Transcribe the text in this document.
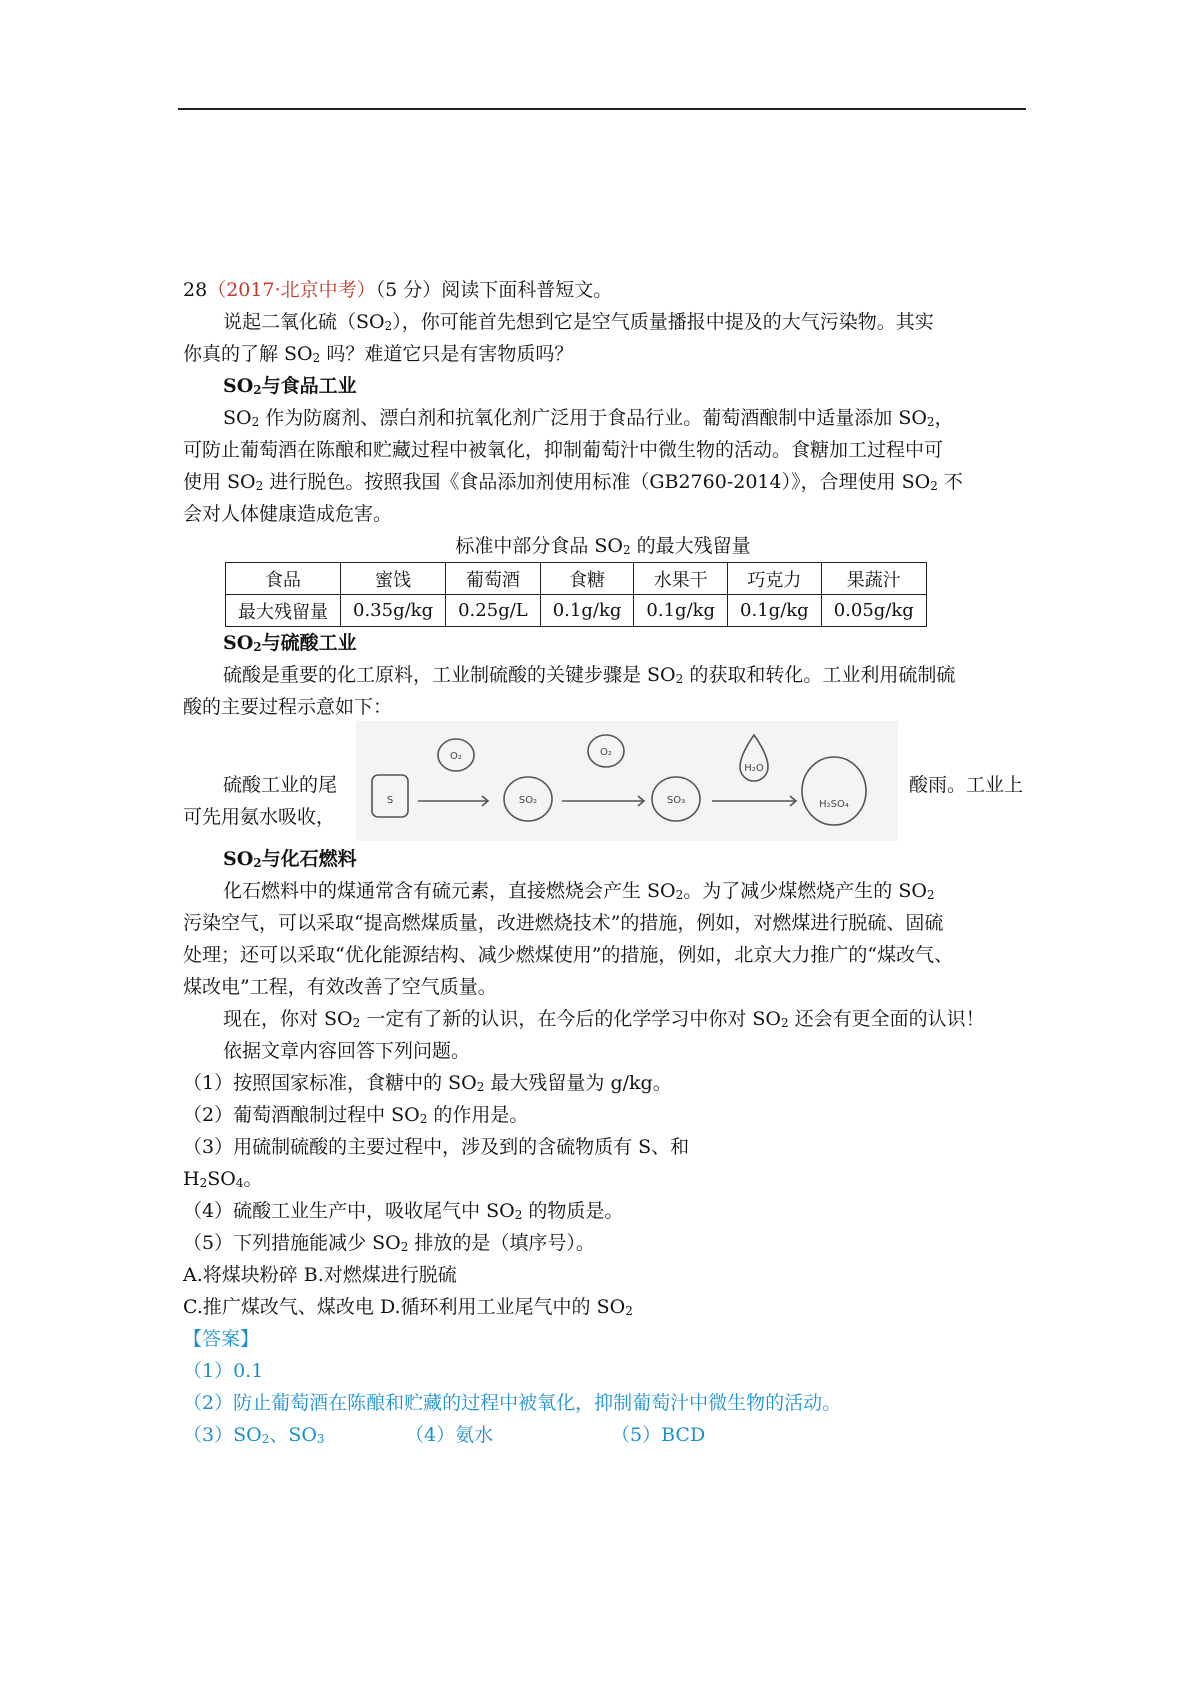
28（2017·北京中考）（5 分）阅读下面科普短文。
说起二氧化硫$(SO_2)$，你可能首先想到它是空气质量播报中提及的大气污染物。其实
你真的了解 $SO_2$ 吗？难道它只是有害物质吗？
$SO_2$与食品工业
$SO_2$ 作为防腐剂、漂白剂和抗氧化剂广泛用于食品行业。葡萄酒酿制中适量添加 $SO_2$，
可防止葡萄酒在陈酿和贮藏过程中被氧化，抑制葡萄汁中微生物的活动。食糖加工过程中可
使用 $SO_2$ 进行脱色。按照我国《食品添加剂使用标准（GB2760-2014）》，合理使用 $SO_2$ 不
会对人体健康造成危害。
标准中部分食品 $SO_2$ 的最大残留量
食品	蜜饯	葡萄酒	食糖	水果干	巧克力	果蔬汁
最大残留量	0.35g/kg	0.25g/L	0.1g/kg	0.1g/kg	0.1g/kg	0.05g/kg
$SO_2$与硫酸工业
硫酸是重要的化工原料，工业制硫酸的关键步骤是 $SO_2$ 的获取和转化。工业利用硫制硫
酸的主要过程示意如下：
硫酸工业的尾	酸雨。工业上
可先用氨水吸收，
S
O₂
SO₂
O₂
SO₃
H₂O
H₂SO₄
$SO_2$与化石燃料
化石燃料中的煤通常含有硫元素，直接燃烧会产生 $SO_2$。为了减少煤燃烧产生的 $SO_2$
污染空气，可以采取“提高燃煤质量，改进燃烧技术”的措施，例如，对燃煤进行脱硫、固硫
处理；还可以采取“优化能源结构、减少燃煤使用”的措施，例如，北京大力推广的“煤改气、
煤改电”工程，有效改善了空气质量。
现在，你对 $SO_2$ 一定有了新的认识，在今后的化学学习中你对 $SO_2$ 还会有更全面的认识！
依据文章内容回答下列问题。
（1）按照国家标准，食糖中的 $SO_2$ 最大残留量为 g/kg。
（2）葡萄酒酿制过程中 $SO_2$ 的作用是。
（3）用硫制硫酸的主要过程中，涉及到的含硫物质有 S、和
$H_2SO_4$。
（4）硫酸工业生产中，吸收尾气中 $SO_2$ 的物质是。
（5）下列措施能减少 $SO_2$ 排放的是（填序号）。
A.将煤块粉碎 B.对燃煤进行脱硫
C.推广煤改气、煤改电 D.循环利用工业尾气中的 $SO_2$
【答案】
（1）0.1
（2）防止葡萄酒在陈酿和贮藏的过程中被氧化，抑制葡萄汁中微生物的活动。
$(3)SO_2$、$SO_3$	（4）氨水	（5）BCD
